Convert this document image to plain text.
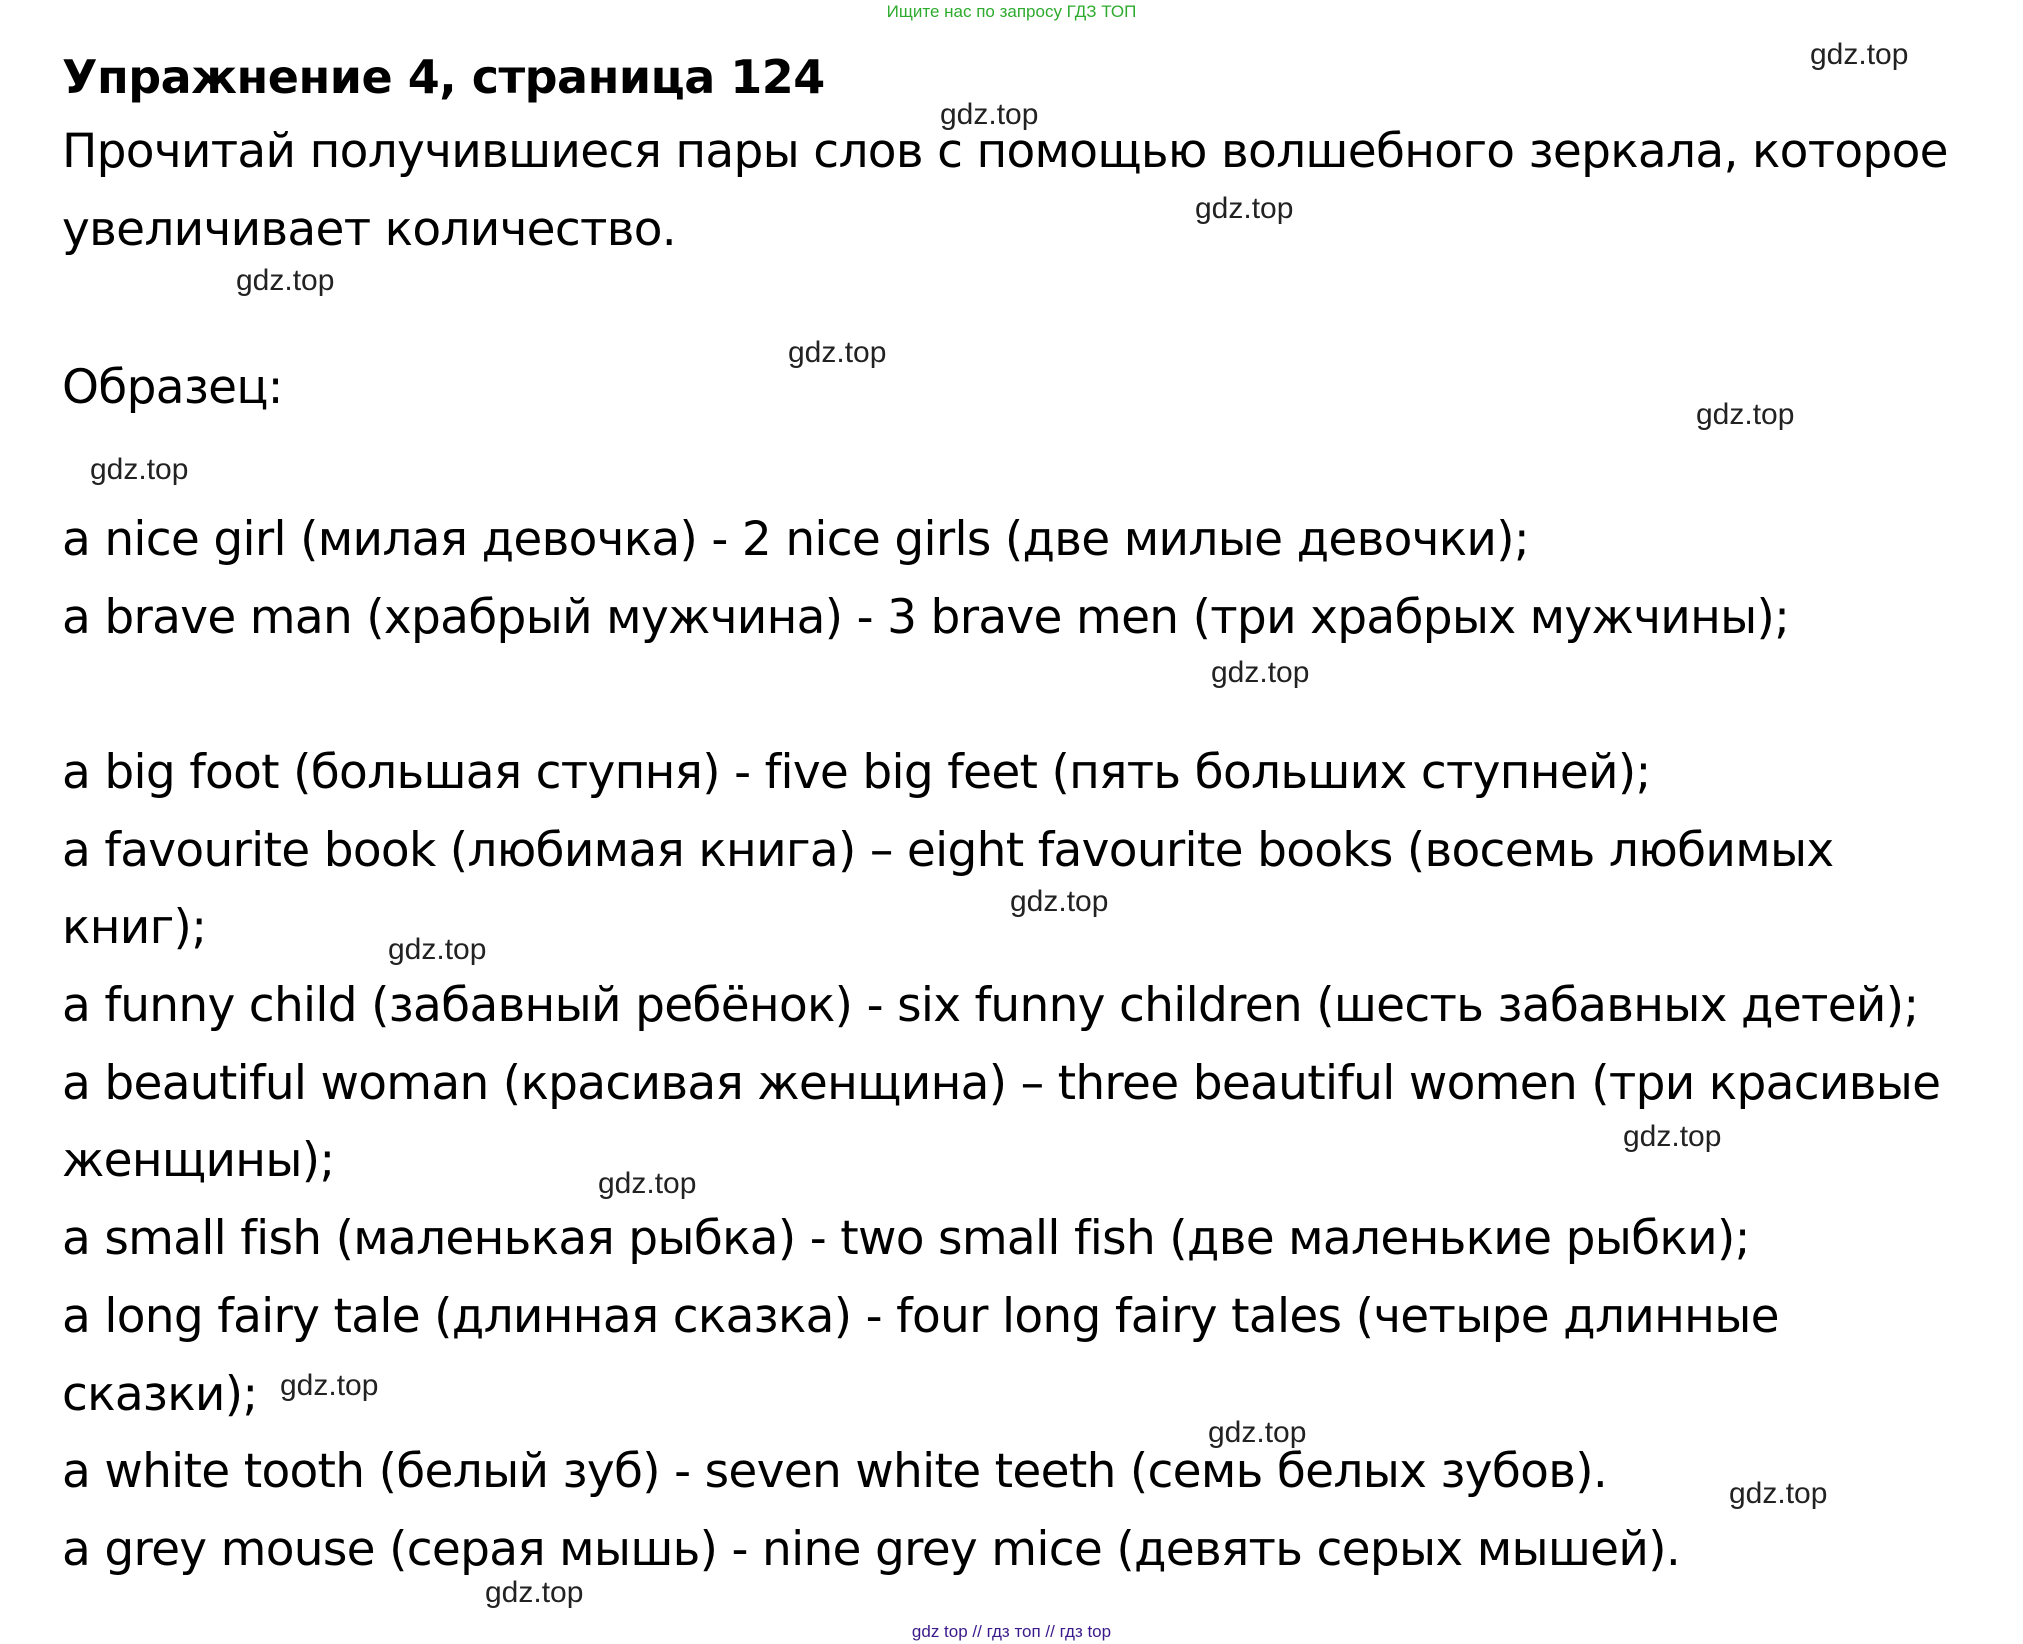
Ищите нас по запросу ГДЗ ТОП
Упражнение 4, страница 124
Прочитай получившиеся пары слов с помощью волшебного зеркала, которое
увеличивает количество.
Образец:
a nice girl (милая девочка) - 2 nice girls (две милые девочки);
a brave man (храбрый мужчина) - 3 brave men (три храбрых мужчины);
a big foot (большая ступня) - five big feet (пять больших ступней);
a favourite book (любимая книга) – eight favourite books (восемь любимых
книг);
a funny child (забавный ребёнок) - six funny children (шесть забавных детей);
a beautiful woman (красивая женщина) – three beautiful women (три красивые
женщины);
a small fish (маленькая рыбка) - two small fish (две маленькие рыбки);
a long fairy tale (длинная сказка) - four long fairy tales (четыре длинные
сказки);
a white tooth (белый зуб) - seven white teeth (семь белых зубов).
a grey mouse (серая мышь) - nine grey mice (девять серых мышей).
gdz.top
gdz.top
gdz.top
gdz.top
gdz.top
gdz.top
gdz.top
gdz.top
gdz.top
gdz.top
gdz.top
gdz.top
gdz.top
gdz.top
gdz.top
gdz.top
gdz top // гдз топ // гдз top
